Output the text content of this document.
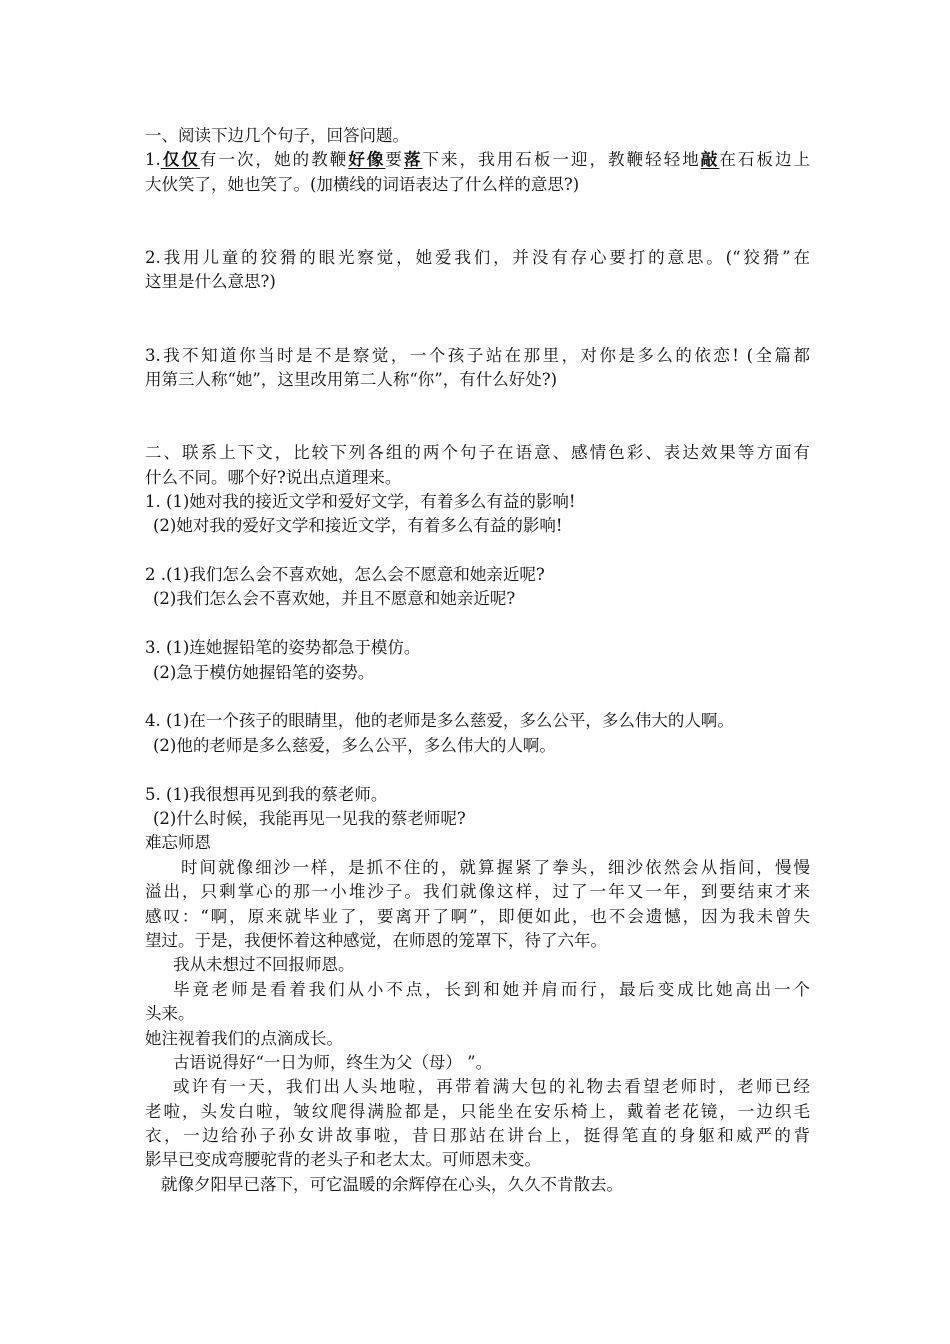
一、阅读下边几个句子，回答问题。
1.仅仅有一次，她的教鞭好像要落下来，我用石板一迎，教鞭轻轻地敲在石板边上
大伙笑了，她也笑了。(加横线的词语表达了什么样的意思?)
2.我用儿童的狡猾的眼光察觉，她爱我们，并没有存心要打的意思。(“狡猾”在
这里是什么意思?)
3.我不知道你当时是不是察觉，一个孩子站在那里，对你是多么的依恋! (全篇都
用第三人称“她”，这里改用第二人称“你”，有什么好处?)
二、联系上下文，比较下列各组的两个句子在语意、感情色彩、表达效果等方面有
什么不同。哪个好?说出点道理来。
1. (1)她对我的接近文学和爱好文学，有着多么有益的影响!
(2)她对我的爱好文学和接近文学，有着多么有益的影响!
2 .(1)我们怎么会不喜欢她，怎么会不愿意和她亲近呢?
(2)我们怎么会不喜欢她，并且不愿意和她亲近呢?
3. (1)连她握铅笔的姿势都急于模仿。
(2)急于模仿她握铅笔的姿势。
4. (1)在一个孩子的眼睛里，他的老师是多么慈爱，多么公平，多么伟大的人啊。
(2)他的老师是多么慈爱，多么公平，多么伟大的人啊。
5. (1)我很想再见到我的蔡老师。
(2)什么时候，我能再见一见我的蔡老师呢?
难忘师恩
时间就像细沙一样，是抓不住的，就算握紧了拳头，细沙依然会从指间，慢慢
溢出，只剩掌心的那一小堆沙子。我们就像这样，过了一年又一年，到要结束才来
感叹：“啊，原来就毕业了，要离开了啊”，即便如此，也不会遗憾，因为我未曾失
望过。于是，我便怀着这种感觉，在师恩的笼罩下，待了六年。
我从未想过不回报师恩。
毕竟老师是看着我们从小不点，长到和她并肩而行，最后变成比她高出一个
头来。
她注视着我们的点滴成长。
古语说得好“一日为师，终生为父（母） ”。
或许有一天，我们出人头地啦，再带着满大包的礼物去看望老师时，老师已经
老啦，头发白啦，皱纹爬得满脸都是，只能坐在安乐椅上，戴着老花镜，一边织毛
衣，一边给孙子孙女讲故事啦，昔日那站在讲台上，挺得笔直的身躯和威严的背
影早已变成弯腰驼背的老头子和老太太。可师恩未变。
就像夕阳早已落下，可它温暖的余辉停在心头，久久不肯散去。
